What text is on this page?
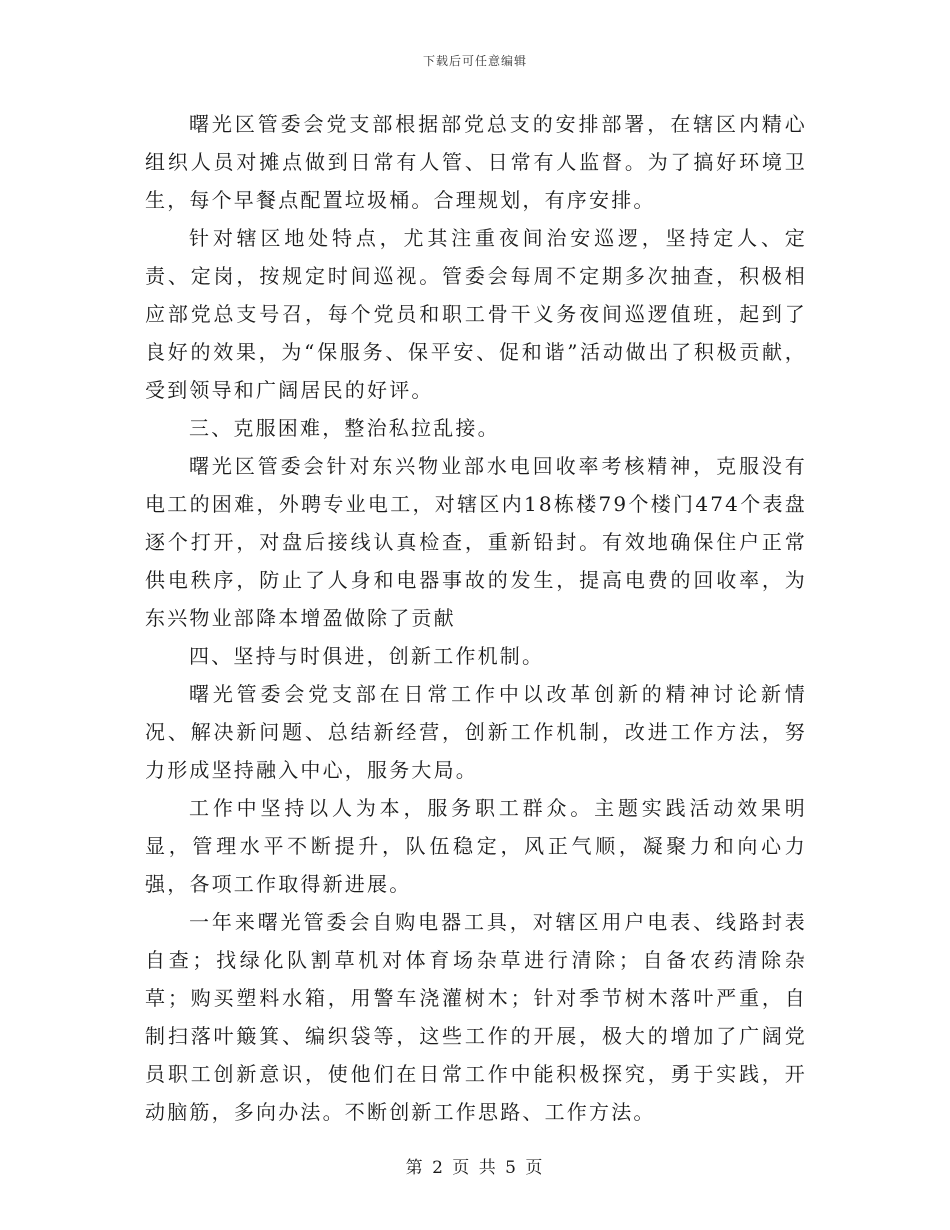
下载后可任意编辑

曙光区管委会党支部根据部党总支的安排部署，在辖区内精心组织人员对摊点做到日常有人管、日常有人监督。为了搞好环境卫生，每个早餐点配置垃圾桶。合理规划，有序安排。

针对辖区地处特点，尤其注重夜间治安巡逻，坚持定人、定责、定岗，按规定时间巡视。管委会每周不定期多次抽查，积极相应部党总支号召，每个党员和职工骨干义务夜间巡逻值班，起到了良好的效果，为“保服务、保平安、促和谐”活动做出了积极贡献，受到领导和广阔居民的好评。

三、克服困难，整治私拉乱接。

曙光区管委会针对东兴物业部水电回收率考核精神，克服没有电工的困难，外聘专业电工，对辖区内18栋楼79个楼门474个表盘逐个打开，对盘后接线认真检查，重新铅封。有效地确保住户正常供电秩序，防止了人身和电器事故的发生，提高电费的回收率，为东兴物业部降本增盈做除了贡献

四、坚持与时俱进，创新工作机制。

曙光管委会党支部在日常工作中以改革创新的精神讨论新情况、解决新问题、总结新经营，创新工作机制，改进工作方法，努力形成坚持融入中心，服务大局。

工作中坚持以人为本，服务职工群众。主题实践活动效果明显，管理水平不断提升，队伍稳定，风正气顺，凝聚力和向心力强，各项工作取得新进展。

一年来曙光管委会自购电器工具，对辖区用户电表、线路封表自查；找绿化队割草机对体育场杂草进行清除；自备农药清除杂草；购买塑料水箱，用警车浇灌树木；针对季节树木落叶严重，自制扫落叶簸箕、编织袋等，这些工作的开展，极大的增加了广阔党员职工创新意识，使他们在日常工作中能积极探究，勇于实践，开动脑筋，多向办法。不断创新工作思路、工作方法。

第 2 页 共 5 页
